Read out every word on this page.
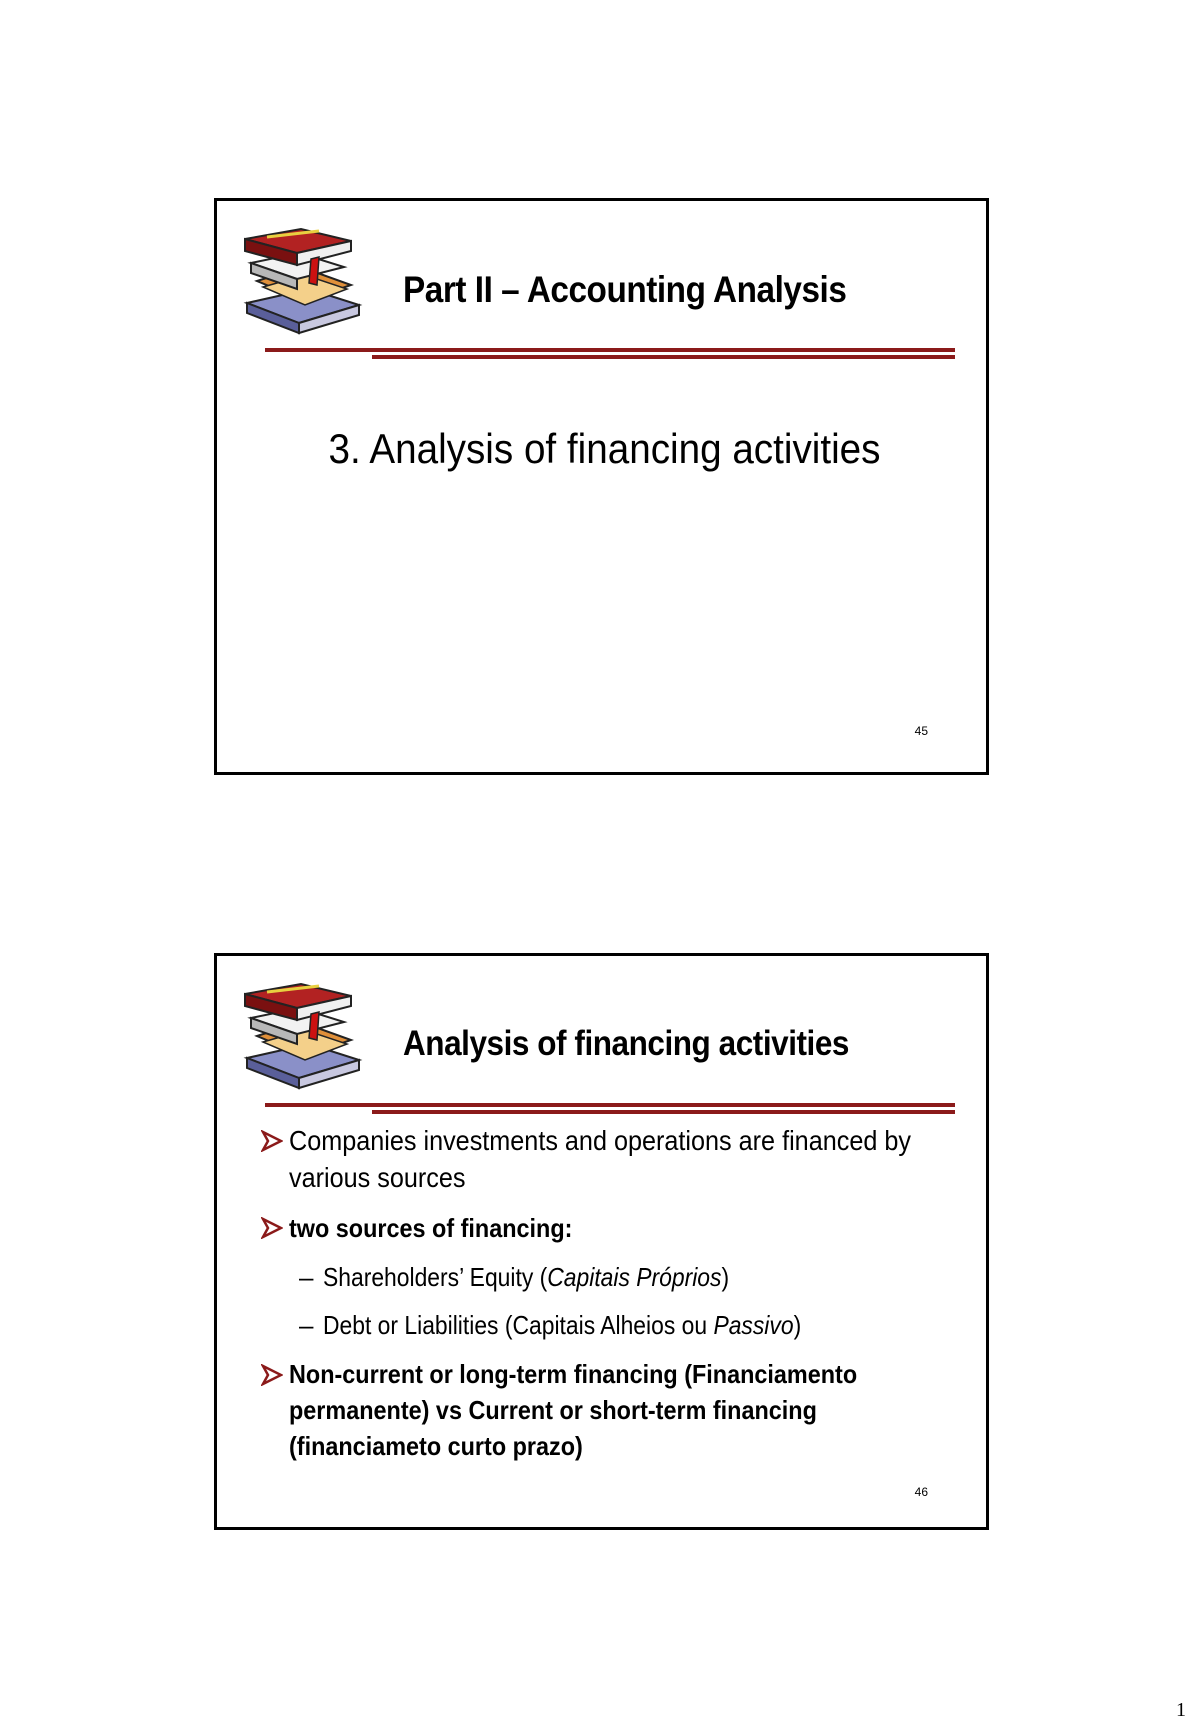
Part II – Accounting Analysis
3. Analysis of financing activities
45
Analysis of financing activities
Companies investments and operations are financed by various sources
two sources of financing:
– Shareholders’ Equity (Capitais Próprios)
– Debt or Liabilities (Capitais Alheios ou Passivo)
Non-current or long-term financing (Financiamento permanente) vs Current or short-term financing (financiameto curto prazo)
46
1
